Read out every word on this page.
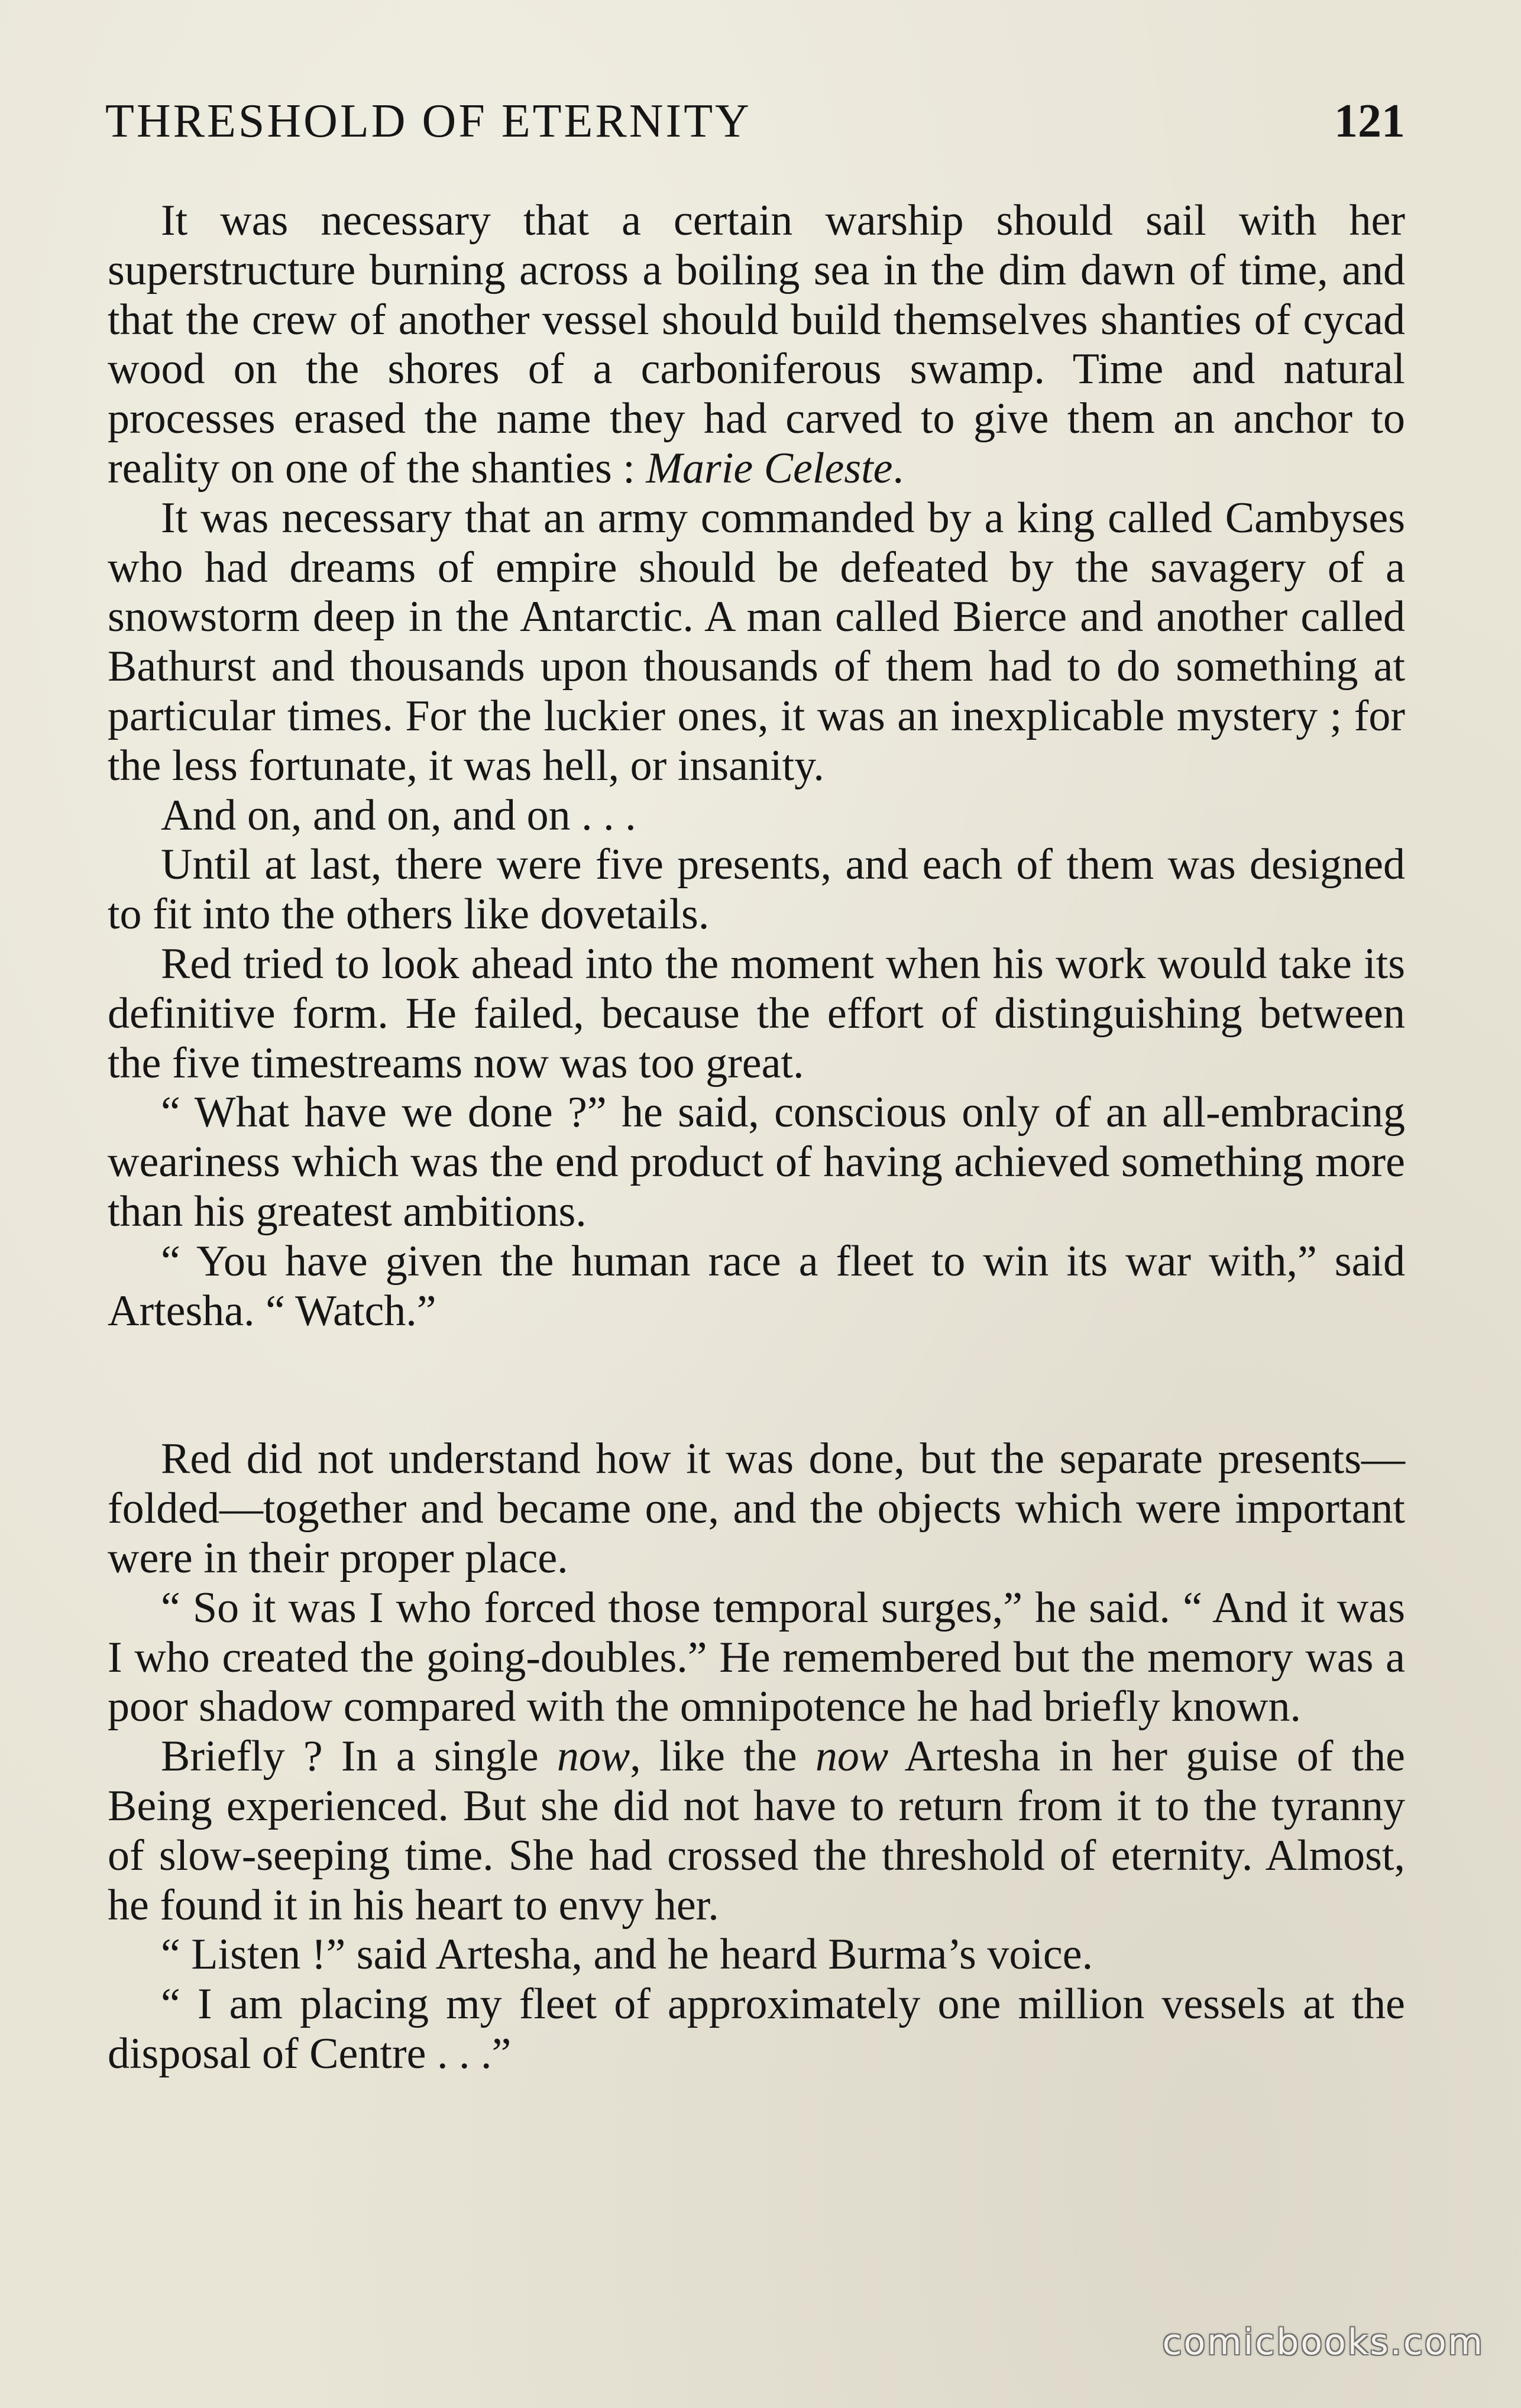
THRESHOLD OF ETERNITY	121

It was necessary that a certain warship should sail with her superstructure burning across a boiling sea in the dim dawn of time, and that the crew of another vessel should build themselves shanties of cycad wood on the shores of a carboniferous swamp. Time and natural processes erased the name they had carved to give them an anchor to reality on one of the shanties : Marie Celeste.

It was necessary that an army commanded by a king called Cambyses who had dreams of empire should be defeated by the savagery of a snowstorm deep in the Antarctic. A man called Bierce and another called Bathurst and thousands upon thousands of them had to do something at particular times. For the luckier ones, it was an inexplicable mystery ; for the less fortunate, it was hell, or insanity.

And on, and on, and on . . .

Until at last, there were five presents, and each of them was designed to fit into the others like dovetails.

Red tried to look ahead into the moment when his work would take its definitive form. He failed, because the effort of distinguishing between the five timestreams now was too great.

“ What have we done ?” he said, conscious only of an all-embracing weariness which was the end product of having achieved something more than his greatest ambitions.

“ You have given the human race a fleet to win its war with,” said Artesha. “ Watch.”

Red did not understand how it was done, but the separate presents—folded—together and became one, and the objects which were important were in their proper place.

“ So it was I who forced those temporal surges,” he said. “ And it was I who created the going-doubles.” He remembered but the memory was a poor shadow compared with the omnipotence he had briefly known.

Briefly ? In a single now, like the now Artesha in her guise of the Being experienced. But she did not have to return from it to the tyranny of slow-seeping time. She had crossed the threshold of eternity. Almost, he found it in his heart to envy her.

“ Listen !” said Artesha, and he heard Burma’s voice.

“ I am placing my fleet of approximately one million vessels at the disposal of Centre . . .”

comicbooks.com
